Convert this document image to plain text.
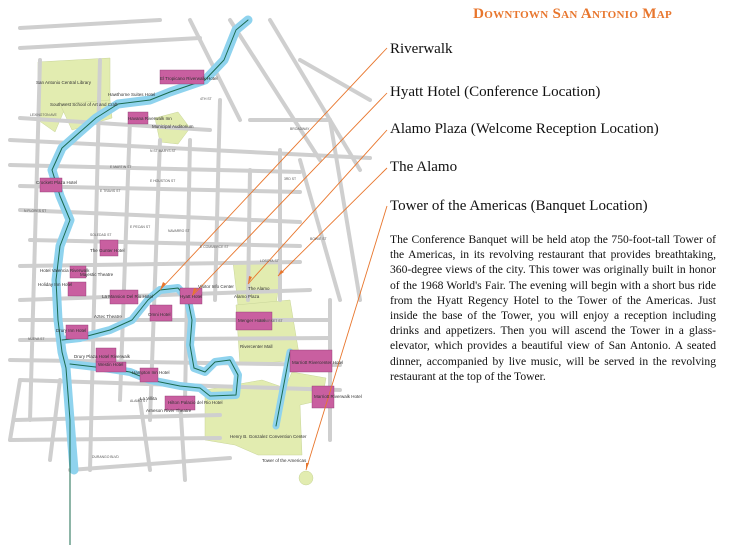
San Antonio Central Library
Southwest School of Art and Craft
El Tropicano Riverwalk Hotel
Havana Riverwalk Inn
Hawthorne Suites Hotel
Municipal Auditorium
Crockett Plaza Hotel
The Gunter Hotel
Majestic Theatre
Hotel Valencia Riverwalk
Holiday Inn Hotel
La Mansion Del Rio Hotel
Drury Inn Hotel
Aztec Theatre	Omni Hotel
Drury Plaza Hotel Riverwalk
Hyatt Hotel
Visitor Info Center	The Alamo
Alamo Plaza
Menger Hotel
Rivercenter Mall
Marriott Rivercenter Hotel
Hampton Inn Hotel
Westin Hotel
Hilton Palacio del Rio Hotel
La Villita
Arneson River Theatre
Marriott Riverwalk Hotel
Henry B. Gonzalez Convention Center
Tower of the Americas
E MARTIN ST
E HOUSTON ST
E TRAVIS ST
E PECAN ST
E COMMERCE ST
E MARKET ST
NUEVA ST
ALAMO ST
LOSOYA ST
N ST MARYS ST
NAVARRO ST
SOLEDAD ST
N FLORES ST
BROADWAY
BOWIE ST
3RD ST
4TH ST
LEXINGTON AVE
DURANGO BLVD
Downtown San Antonio Map
Riverwalk
Hyatt Hotel (Conference Location)
Alamo Plaza (Welcome Reception Location)
The Alamo
Tower of the Americas (Banquet Location)
The Conference Banquet will be held atop the 750-foot-tall Tower of the Americas, in its revolving restaurant that provides breathtaking, 360-degree views of the city. This tower was originally built in honor of the 1968 World's Fair. The evening will begin with a short bus ride from the Hyatt Regency Hotel to the Tower of the Americas. Just inside the base of the Tower, you will enjoy a reception including drinks and appetizers. Then you will ascend the Tower in a glass-elevator, which provides a beautiful view of San Antonio. A seated dinner, accompanied by live music, will be served in the revolving restaurant at the top of the Tower.
